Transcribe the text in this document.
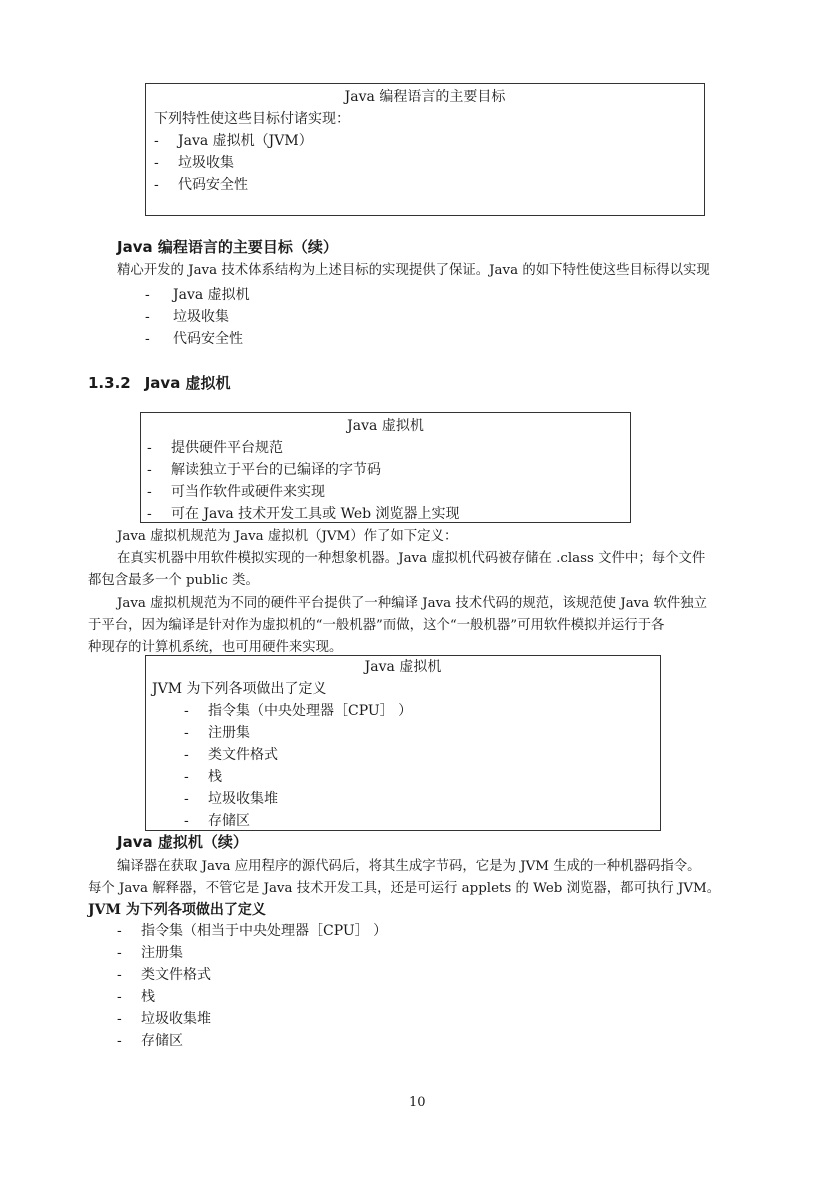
Java 编程语言的主要目标
下列特性使这些目标付诸实现：
- Java 虚拟机（JVM）
- 垃圾收集
- 代码安全性
Java 编程语言的主要目标（续）
精心开发的 Java 技术体系结构为上述目标的实现提供了保证。Java 的如下特性使这些目标得以实现
- Java 虚拟机
- 垃圾收集
- 代码安全性
1.3.2 Java 虚拟机
Java 虚拟机
- 提供硬件平台规范
- 解读独立于平台的已编译的字节码
- 可当作软件或硬件来实现
- 可在 Java 技术开发工具或 Web 浏览器上实现
Java 虚拟机规范为 Java 虚拟机（JVM）作了如下定义：
在真实机器中用软件模拟实现的一种想象机器。Java 虚拟机代码被存储在 .class 文件中；每个文件
都包含最多一个 public 类。
Java 虚拟机规范为不同的硬件平台提供了一种编译 Java 技术代码的规范，该规范使 Java 软件独立
于平台，因为编译是针对作为虚拟机的“一般机器”而做，这个“一般机器”可用软件模拟并运行于各
种现存的计算机系统，也可用硬件来实现。
Java 虚拟机
JVM 为下列各项做出了定义
- 指令集（中央处理器［CPU］ ）
- 注册集
- 类文件格式
- 栈
- 垃圾收集堆
- 存储区
Java 虚拟机（续）
编译器在获取 Java 应用程序的源代码后，将其生成字节码，它是为 JVM 生成的一种机器码指令。
每个 Java 解释器，不管它是 Java 技术开发工具，还是可运行 applets 的 Web 浏览器，都可执行 JVM。
JVM 为下列各项做出了定义
- 指令集（相当于中央处理器［CPU］ ）
- 注册集
- 类文件格式
- 栈
- 垃圾收集堆
- 存储区
10
